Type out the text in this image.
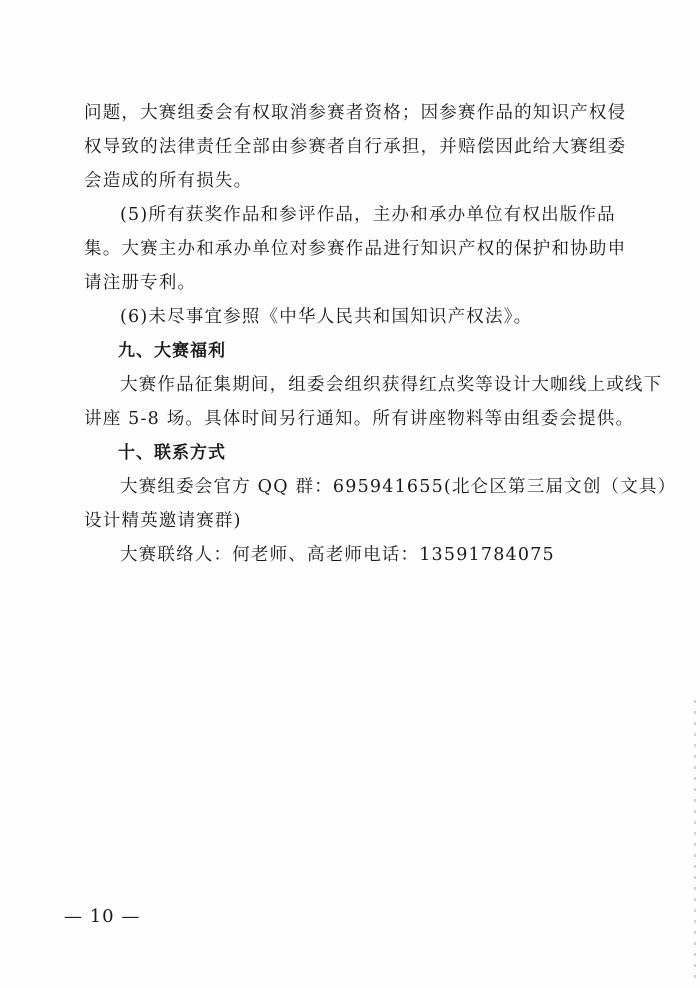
问题，大赛组委会有权取消参赛者资格；因参赛作品的知识产权侵

权导致的法律责任全部由参赛者自行承担，并赔偿因此给大赛组委

会造成的所有损失。

(5)所有获奖作品和参评作品，主办和承办单位有权出版作品

集。大赛主办和承办单位对参赛作品进行知识产权的保护和协助申

请注册专利。

(6)未尽事宜参照《中华人民共和国知识产权法》。

九、大赛福利

大赛作品征集期间，组委会组织获得红点奖等设计大咖线上或线下

讲座 5-8 场。具体时间另行通知。所有讲座物料等由组委会提供。

十、联系方式

大赛组委会官方 QQ 群：695941655(北仑区第三届文创（文具）

设计精英邀请赛群)

大赛联络人：何老师、高老师电话：13591784075

— 10 —
